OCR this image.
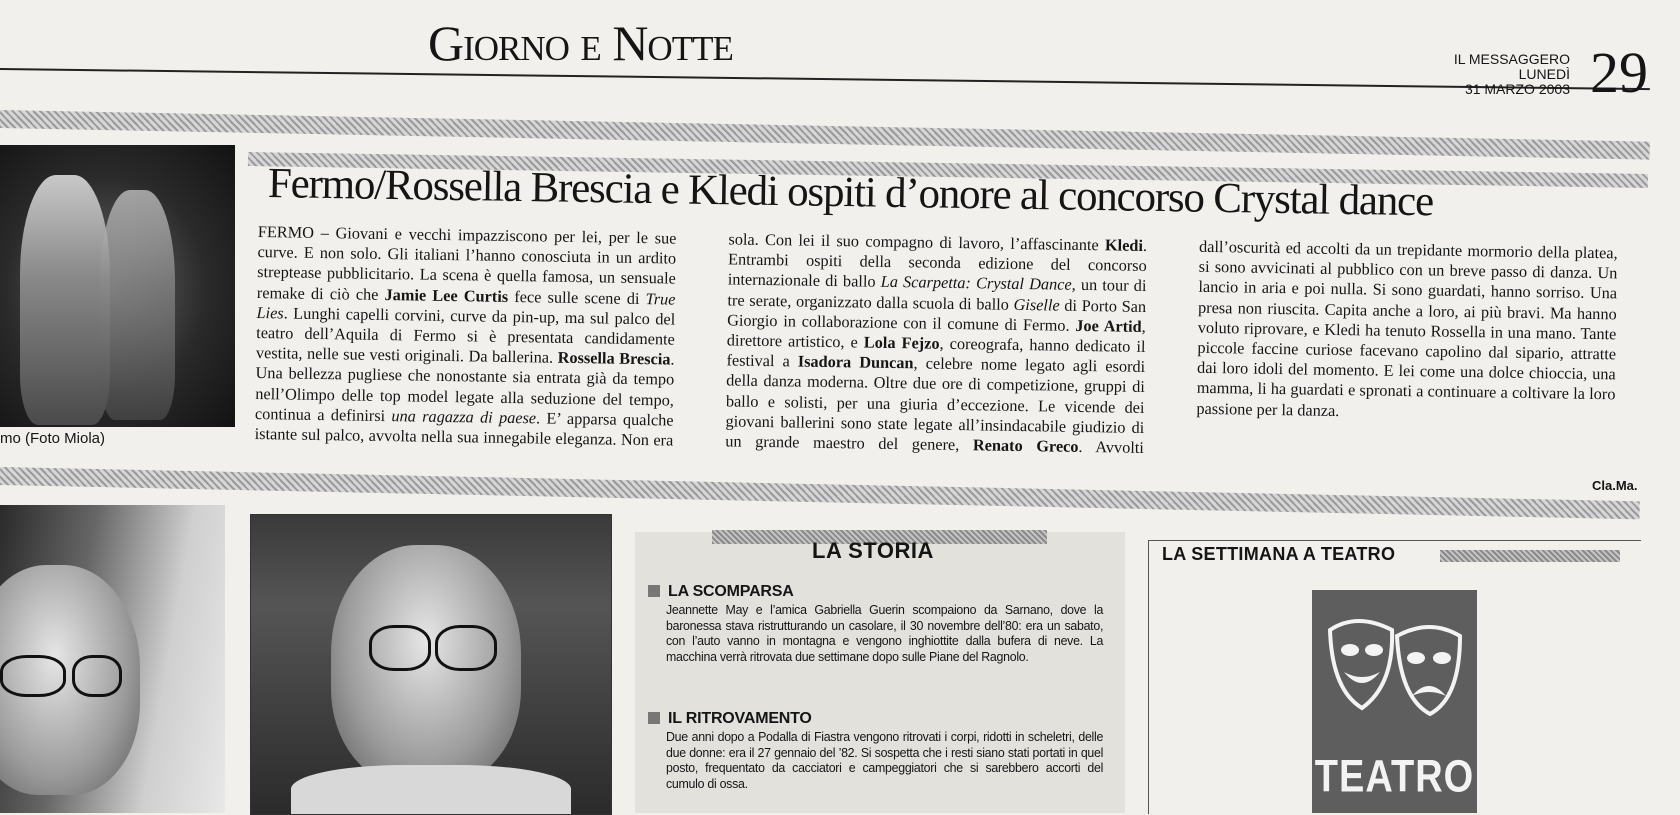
Giorno e Notte	IL MESSAGGERO
LUNEDÌ
31 MARZO 2003 29
mo (Foto Miola)
Fermo/Rossella Brescia e Kledi ospiti d’onore al concorso Crystal dance

FERMO – Giovani e vecchi impazziscono per lei, per le sue curve. E non solo. Gli italiani l’hanno conosciuta in un ardito streptease pubblicitario. La scena è quella famosa, un sensuale remake di ciò che Jamie Lee Curtis fece sulle scene di True Lies. Lunghi capelli corvini, curve da pin-up, ma sul palco del teatro dell’Aquila di Fermo si è presentata candidamente vestita, nelle sue vesti originali. Da ballerina. Rossella Brescia. Una bellezza pugliese che nonostante sia entrata già da tempo nell’Olimpo delle top model legate alla seduzione del tempo, continua a definirsi una ragazza di paese. E’ apparsa qualche istante sul palco, avvolta nella sua innegabile eleganza. Non era sola. Con lei il suo compagno di lavoro, l’affascinante Kledi. Entrambi ospiti della seconda edizione del concorso internazionale di ballo La Scarpetta: Crystal Dance, un tour di tre serate, organizzato dalla scuola di ballo Giselle di Porto San Giorgio in collaborazione con il comune di Fermo. Joe Artid, direttore artistico, e Lola Fejzo, coreografa, hanno dedicato il festival a Isadora Duncan, celebre nome legato agli esordi della danza moderna. Oltre due ore di competizione, gruppi di ballo e solisti, per una giuria d’eccezione. Le vicende dei giovani ballerini sono state legate all’insindacabile giudizio di un grande maestro del genere, Renato Greco. Avvolti dall’oscurità ed accolti da un trepidante mormorio della platea, si sono avvicinati al pubblico con un breve passo di danza. Un lancio in aria e poi nulla. Si sono guardati, hanno sorriso. Una presa non riuscita. Capita anche a loro, ai più bravi. Ma hanno voluto riprovare, e Kledi ha tenuto Rossella in una mano. Tante piccole faccine curiose facevano capolino dal sipario, attratte dai loro idoli del momento. E lei come una dolce chioccia, una mamma, li ha guardati e spronati a continuare a coltivare la loro passione per la danza.

Cla.Ma.
LA STORIA
LA SCOMPARSA
Jeannette May e l’amica Gabriella Guerin scompaiono da Sarnano, dove la baronessa stava ristrutturando un casolare, il 30 novembre dell’80: era un sabato, con l’auto vanno in montagna e vengono inghiottite dalla bufera di neve. La macchina verrà ritrovata due settimane dopo sulle Piane del Ragnolo.
IL RITROVAMENTO
Due anni dopo a Podalla di Fiastra vengono ritrovati i corpi, ridotti in scheletri, delle due donne: era il 27 gennaio del ’82. Si sospetta che i resti siano stati portati in quel posto, frequentato da cacciatori e campeggiatori che si sarebbero accorti del cumulo di ossa.
LA SETTIMANA A TEATRO
TEATRO
